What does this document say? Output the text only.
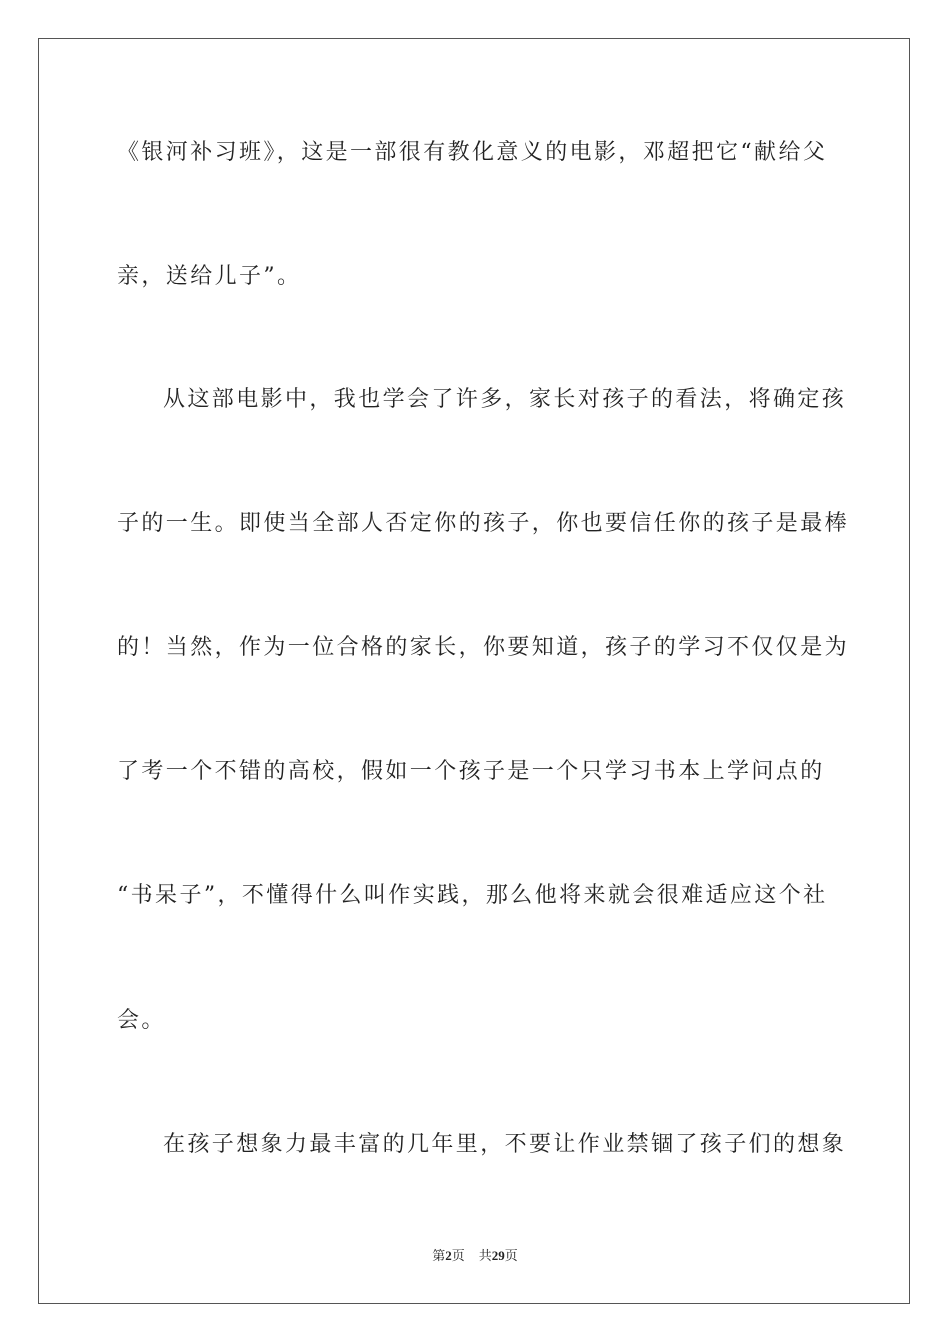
《银河补习班》，这是一部很有教化意义的电影，邓超把它“献给父
亲，送给儿子”。
从这部电影中，我也学会了许多，家长对孩子的看法，将确定孩
子的一生。即使当全部人否定你的孩子，你也要信任你的孩子是最棒
的！当然，作为一位合格的家长，你要知道，孩子的学习不仅仅是为
了考一个不错的高校，假如一个孩子是一个只学习书本上学问点的
“书呆子”，不懂得什么叫作实践，那么他将来就会很难适应这个社
会。
在孩子想象力最丰富的几年里，不要让作业禁锢了孩子们的想象
第2页 共29页
